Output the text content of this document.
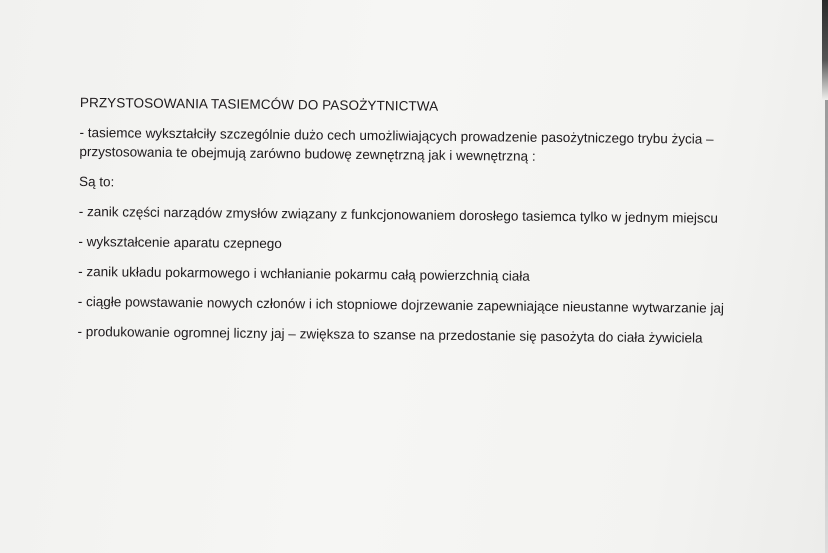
PRZYSTOSOWANIA TASIEMCÓW DO PASOŻYTNICTWA
- tasiemce wykształciły szczególnie dużo cech umożliwiających prowadzenie pasożytniczego trybu życia – przystosowania te obejmują zarówno budowę zewnętrzną jak i wewnętrzną :
Są to:
- zanik części narządów zmysłów związany z funkcjonowaniem dorosłego tasiemca tylko w jednym miejscu
- wykształcenie aparatu czepnego
- zanik układu pokarmowego i wchłanianie pokarmu całą powierzchnią ciała
- ciągłe powstawanie nowych członów i ich stopniowe dojrzewanie zapewniające nieustanne wytwarzanie jaj
- produkowanie ogromnej liczny jaj – zwiększa to szanse na przedostanie się pasożyta do ciała żywiciela
